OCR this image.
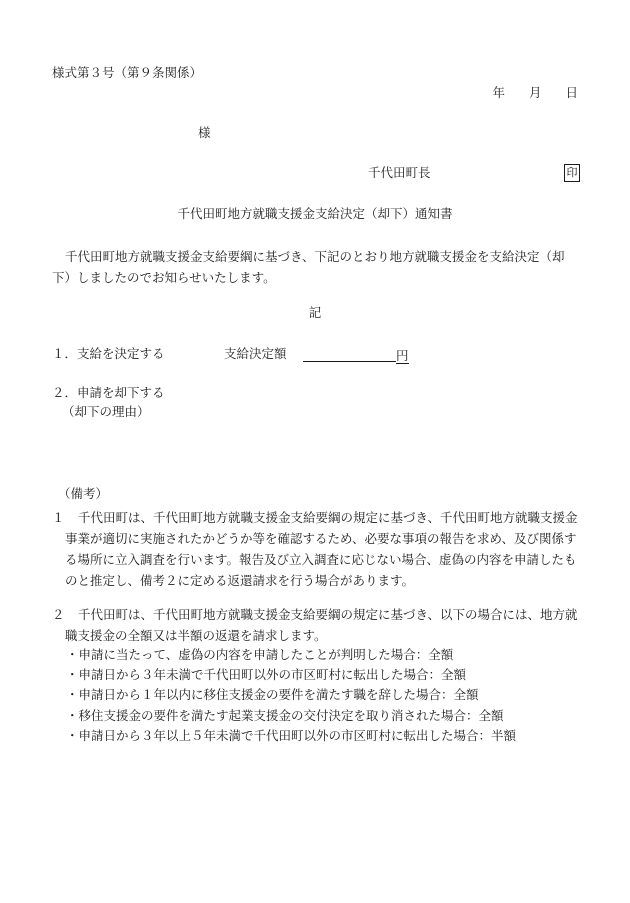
様式第３号（第９条関係）
年 月 日
様
千代田町長	印
千代田町地方就職支援金支給決定（却下）通知書
千代田町地方就職支援金支給要綱に基づき、下記のとおり地方就職支援金を支給決定（却下）しましたのでお知らせいたします。
記
１．支給を決定する	支給決定額	円
２．申請を却下する
（却下の理由）
（備考）
１	千代田町は、千代田町地方就職支援金支給要綱の規定に基づき、千代田町地方就職支援金事業が適切に実施されたかどうか等を確認するため、必要な事項の報告を求め、及び関係する場所に立入調査を行います。報告及び立入調査に応じない場合、虚偽の内容を申請したものと推定し、備考２に定める返還請求を行う場合があります。
２	千代田町は、千代田町地方就職支援金支給要綱の規定に基づき、以下の場合には、地方就職支援金の全額又は半額の返還を請求します。
・申請に当たって、虚偽の内容を申請したことが判明した場合：全額
・申請日から３年未満で千代田町以外の市区町村に転出した場合：全額
・申請日から１年以内に移住支援金の要件を満たす職を辞した場合：全額
・移住支援金の要件を満たす起業支援金の交付決定を取り消された場合：全額
・申請日から３年以上５年未満で千代田町以外の市区町村に転出した場合：半額
